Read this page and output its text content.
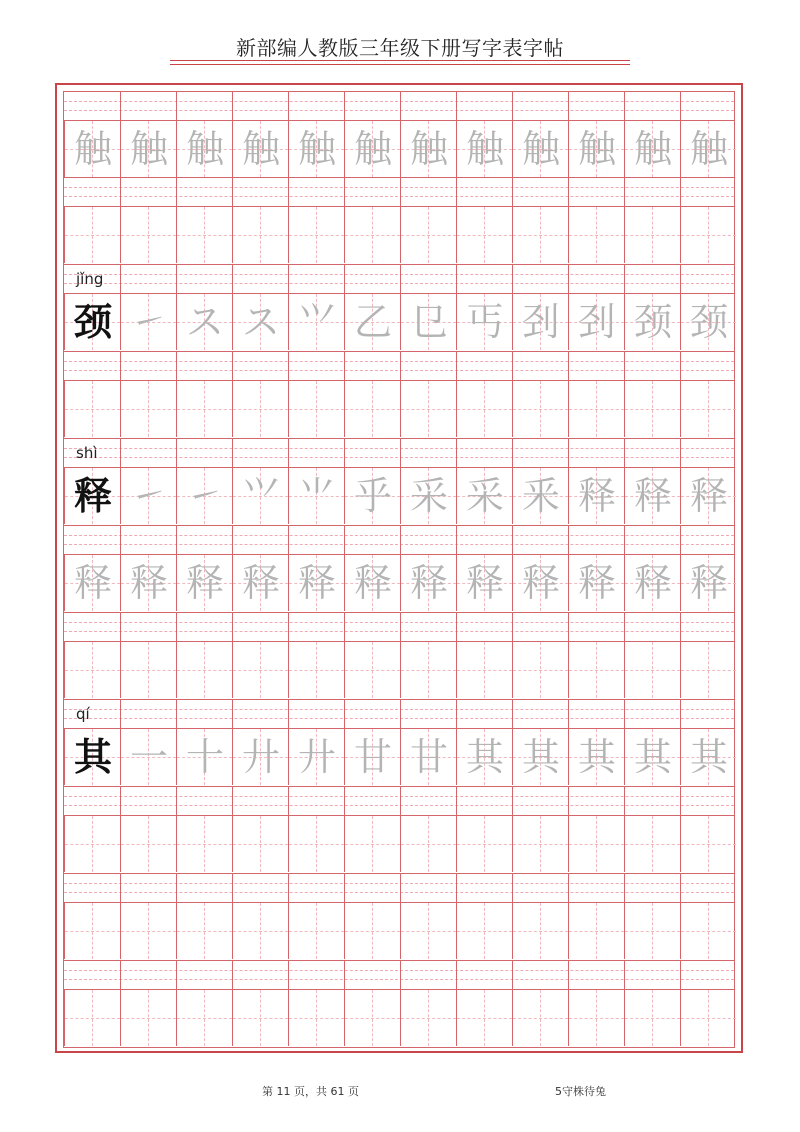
新部编人教版三年级下册写字表字帖
触 触 触 触 触 触 触 触 触 触 触 触
jǐng
颈 ㇀ ス ス ⺍ 乙 㔾 丐 刭 刭 颈 颈
shì
释 ㇀ ㇀ ⺍ ⺌ 乎 采 采 釆 释 释 释
释 释 释 释 释 释 释 释 释 释 释 释
qí
其 一 十 廾 廾 甘 甘 其 其 其 其 其
第 11 页，共 61 页	5守株待兔
